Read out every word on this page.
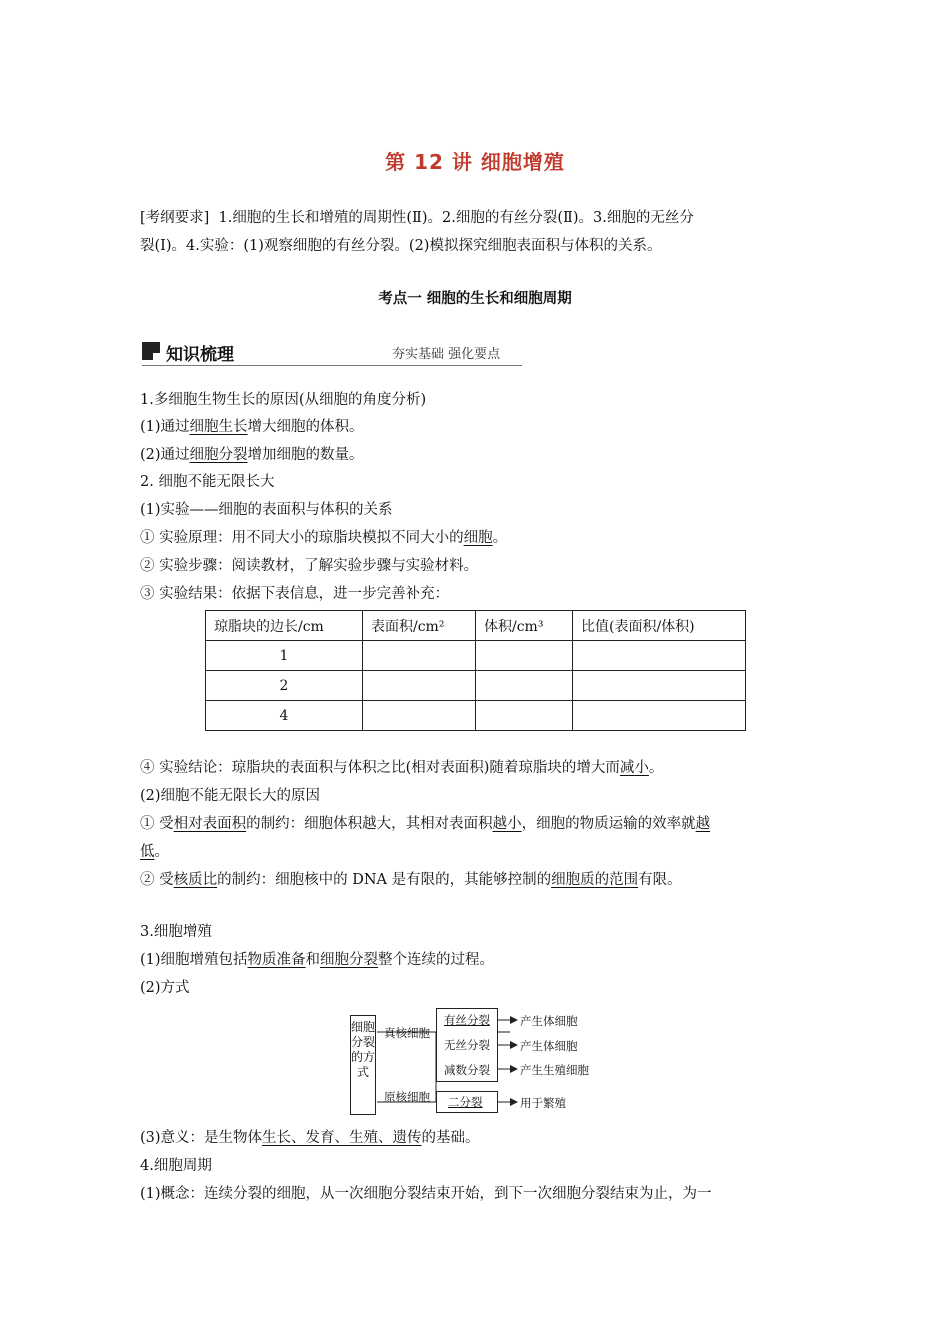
第 12 讲 细胞增殖
[考纲要求] 1.细胞的生长和增殖的周期性(Ⅱ)。2.细胞的有丝分裂(Ⅱ)。3.细胞的无丝分
裂(Ⅰ)。4.实验：(1)观察细胞的有丝分裂。(2)模拟探究细胞表面积与体积的关系。
考点一 细胞的生长和细胞周期
知识梳理	夯实基础 强化要点
1.多细胞生物生长的原因(从细胞的角度分析)
(1)通过细胞生长增大细胞的体积。
(2)通过细胞分裂增加细胞的数量。
2. 细胞不能无限长大
(1)实验——细胞的表面积与体积的关系
① 实验原理：用不同大小的琼脂块模拟不同大小的细胞。
② 实验步骤：阅读教材，了解实验步骤与实验材料。
③ 实验结果：依据下表信息，进一步完善补充：
琼脂块的边长/cm	表面积/cm²	体积/cm³	比值(表面积/体积)
1			
2			
4			
④ 实验结论：琼脂块的表面积与体积之比(相对表面积)随着琼脂块的增大而减小。
(2)细胞不能无限长大的原因
① 受相对表面积的制约：细胞体积越大，其相对表面积越小，细胞的物质运输的效率就越
低。
② 受核质比的制约：细胞核中的 DNA 是有限的，其能够控制的细胞质的范围有限。
3.细胞增殖
(1)细胞增殖包括物质准备和细胞分裂整个连续的过程。
(2)方式
细胞分裂的方式
真核细胞
原核细胞
有丝分裂
无丝分裂
减数分裂
二分裂
产生体细胞
产生体细胞
产生生殖细胞
用于繁殖
(3)意义：是生物体生长、发育、生殖、遗传的基础。
4.细胞周期
(1)概念：连续分裂的细胞，从一次细胞分裂结束开始，到下一次细胞分裂结束为止，为一
